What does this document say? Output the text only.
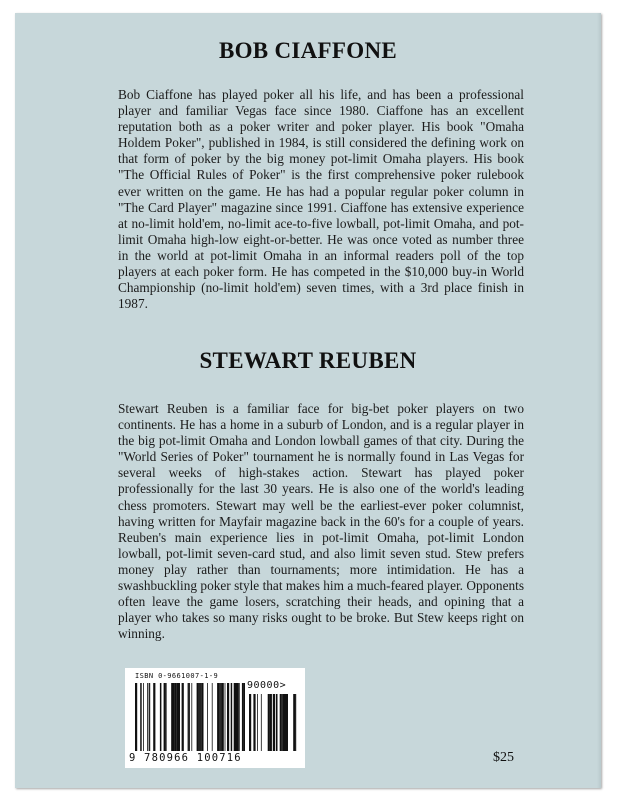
BOB CIAFFONE

Bob Ciaffone has played poker all his life, and has been a professional player and familiar Vegas face since 1980. Ciaffone has an excellent reputation both as a poker writer and poker player. His book "Omaha Holdem Poker", published in 1984, is still considered the defining work on that form of poker by the big money pot-limit Omaha players. His book "The Official Rules of Poker" is the first comprehensive poker rulebook ever written on the game. He has had a popular regular poker column in "The Card Player" magazine since 1991. Ciaffone has extensive experience at no-limit hold'em, no-limit ace-to-five lowball, pot-limit Omaha, and pot-limit Omaha high-low eight-or-better. He was once voted as number three in the world at pot-limit Omaha in an informal readers poll of the top players at each poker form. He has competed in the $10,000 buy-in World Championship (no-limit hold'em) seven times, with a 3rd place finish in 1987.

STEWART REUBEN

Stewart Reuben is a familiar face for big-bet poker players on two continents. He has a home in a suburb of London, and is a regular player in the big pot-limit Omaha and London lowball games of that city. During the "World Series of Poker" tournament he is normally found in Las Vegas for several weeks of high-stakes action. Stewart has played poker professionally for the last 30 years. He is also one of the world's leading chess promoters. Stewart may well be the earliest-ever poker columnist, having written for Mayfair magazine back in the 60's for a couple of years. Reuben's main experience lies in pot-limit Omaha, pot-limit London lowball, pot-limit seven-card stud, and also limit seven stud. Stew prefers money play rather than tournaments; more intimidation. He has a swashbuckling poker style that makes him a much-feared player. Opponents often leave the game losers, scratching their heads, and opining that a player who takes so many risks ought to be broke. But Stew keeps right on winning.

ISBN 0-9661007-1-9
90000>
9 780966 100716	$25
